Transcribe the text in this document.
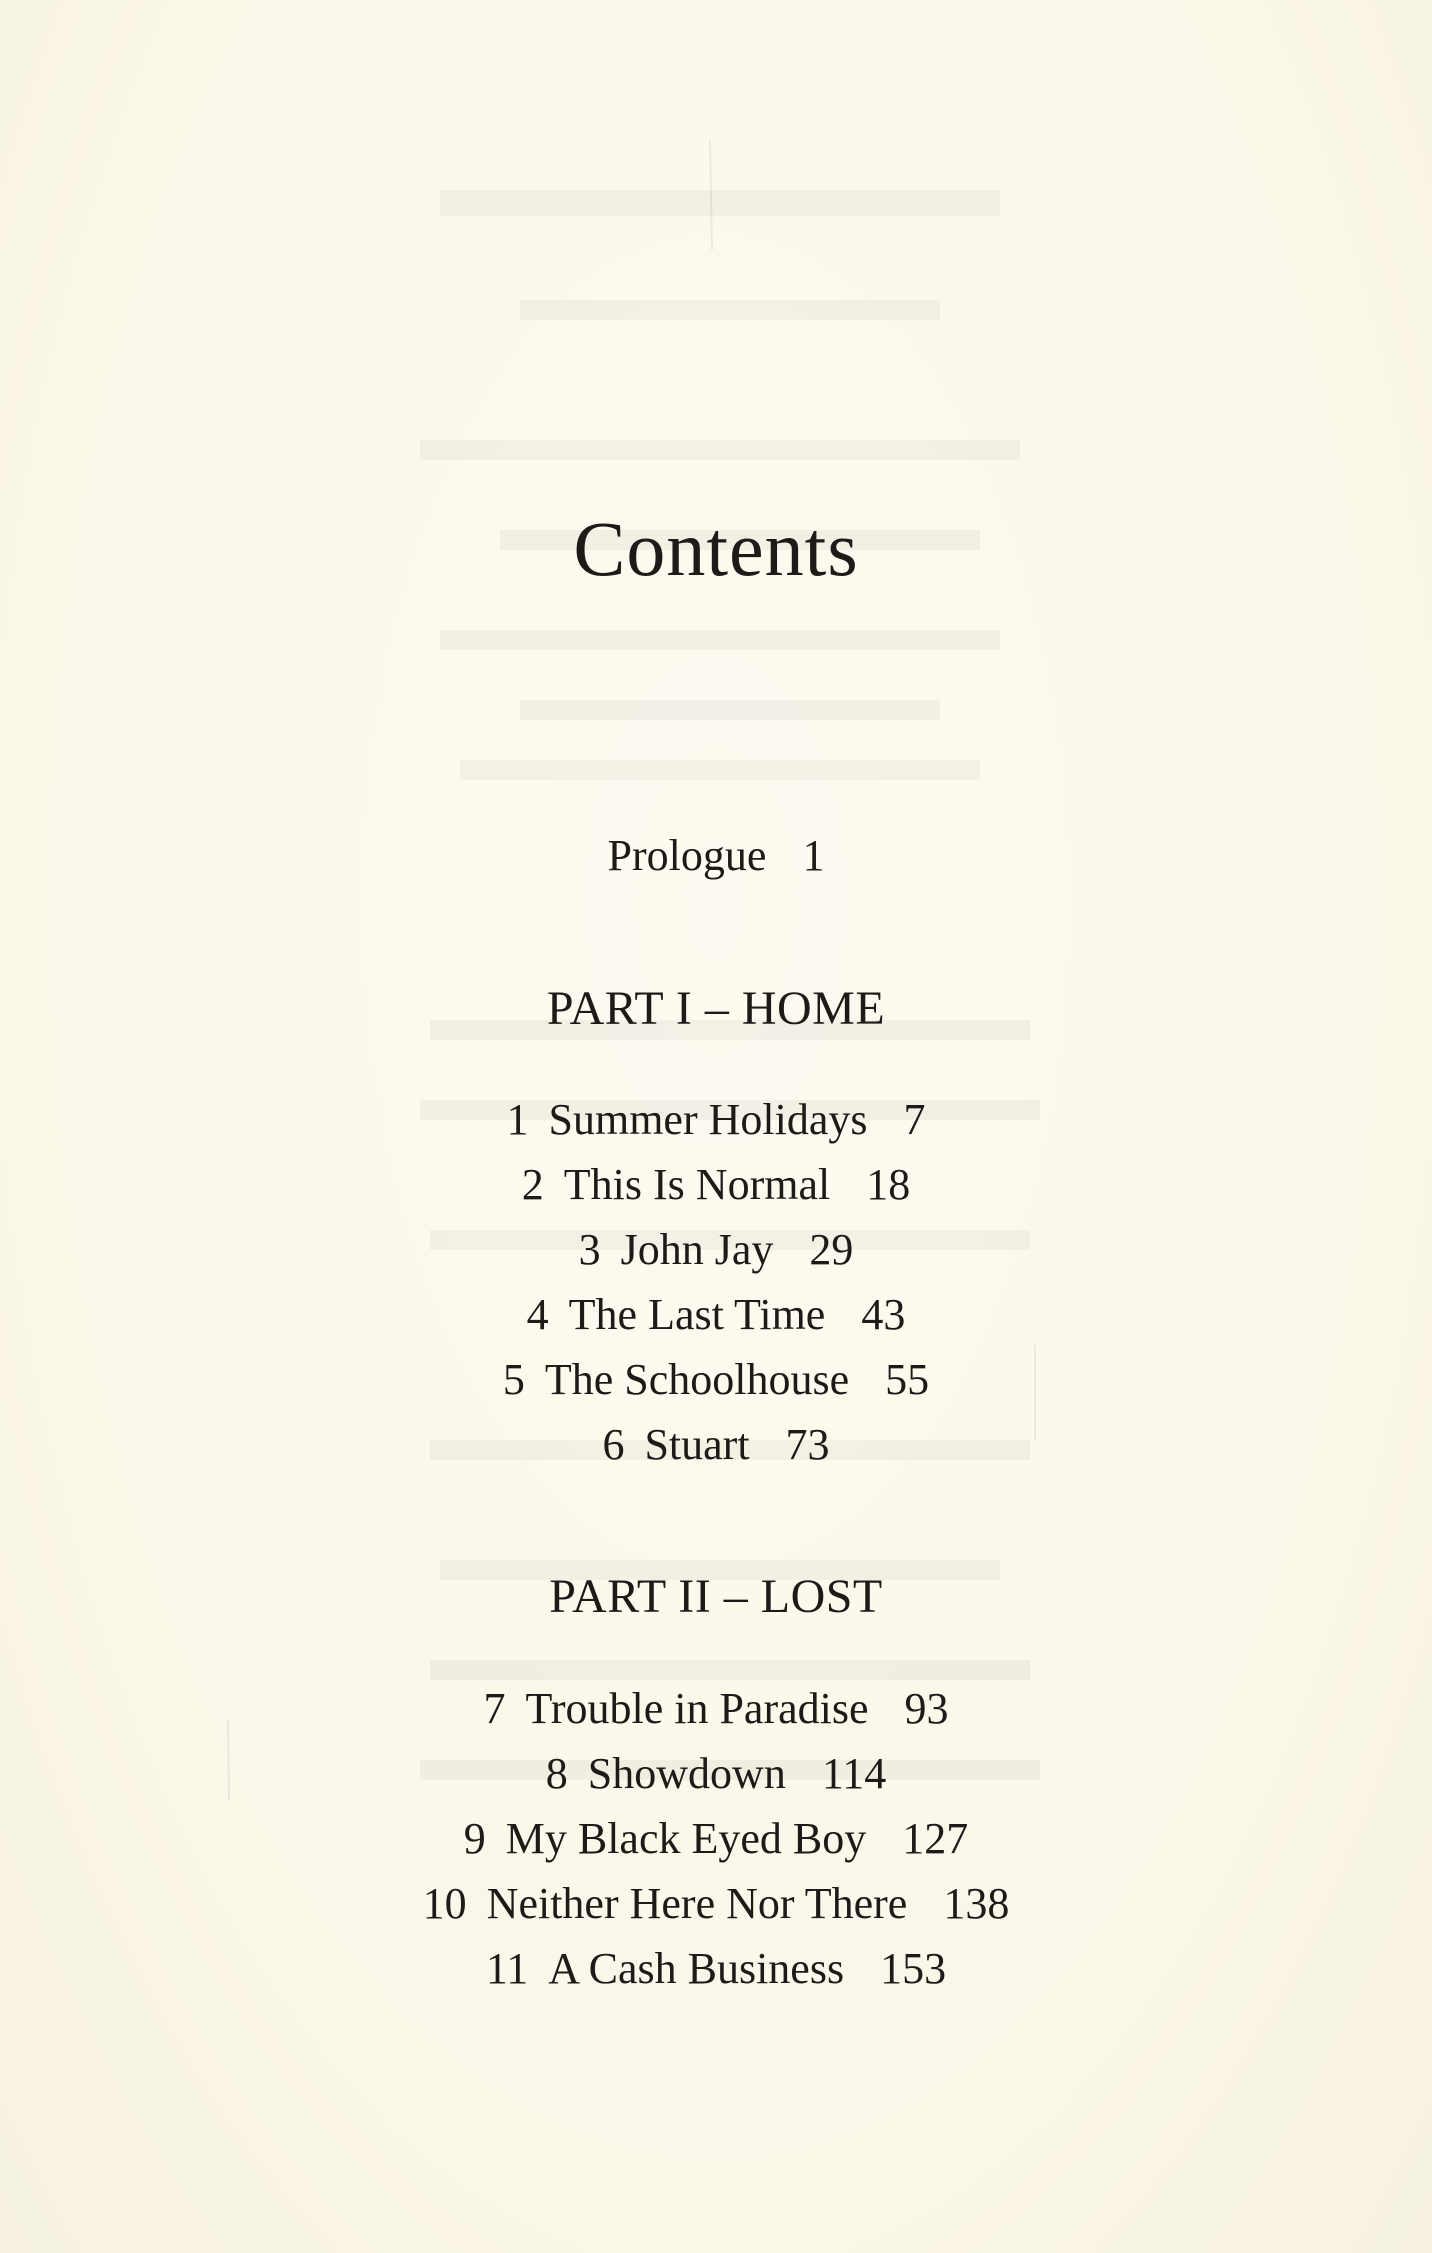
Contents
Prologue 1
PART I – HOME
1 Summer Holidays 7
2 This Is Normal 18
3 John Jay 29
4 The Last Time 43
5 The Schoolhouse 55
6 Stuart 73
PART II – LOST
7 Trouble in Paradise 93
8 Showdown 114
9 My Black Eyed Boy 127
10 Neither Here Nor There 138
11 A Cash Business 153
